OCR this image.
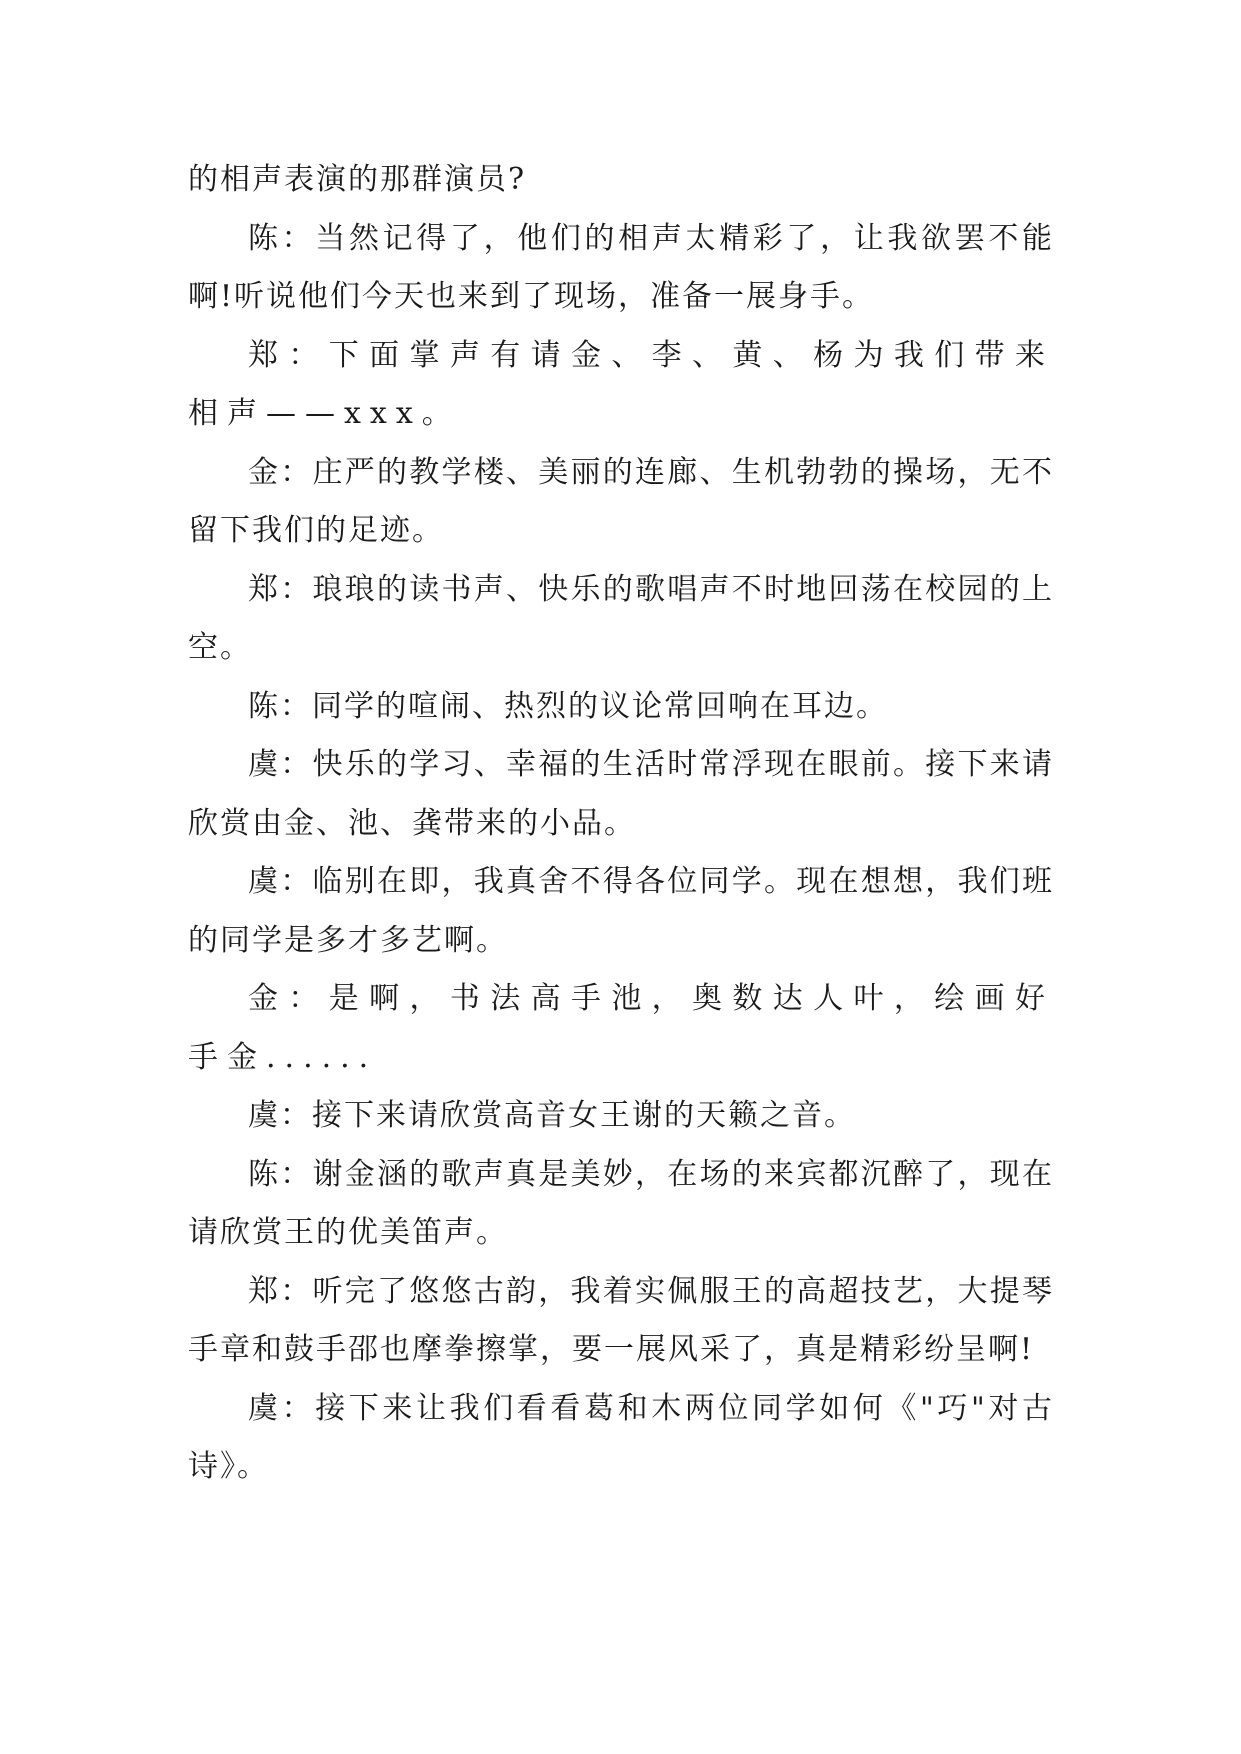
的相声表演的那群演员?

陈：当然记得了，他们的相声太精彩了，让我欲罢不能啊!听说他们今天也来到了现场，准备一展身手。

郑：下面掌声有请金、李、黄、杨为我们带来相声——xxx。

金：庄严的教学楼、美丽的连廊、生机勃勃的操场，无不留下我们的足迹。

郑：琅琅的读书声、快乐的歌唱声不时地回荡在校园的上空。

陈：同学的喧闹、热烈的议论常回响在耳边。

虞：快乐的学习、幸福的生活时常浮现在眼前。接下来请欣赏由金、池、龚带来的小品。

虞：临别在即，我真舍不得各位同学。现在想想，我们班的同学是多才多艺啊。

金：是啊，书法高手池，奥数达人叶，绘画好手金......

虞：接下来请欣赏高音女王谢的天籁之音。

陈：谢金涵的歌声真是美妙，在场的来宾都沉醉了，现在请欣赏王的优美笛声。

郑：听完了悠悠古韵，我着实佩服王的高超技艺，大提琴手章和鼓手邵也摩拳擦掌，要一展风采了，真是精彩纷呈啊!

虞：接下来让我们看看葛和木两位同学如何《"巧"对古诗》。
